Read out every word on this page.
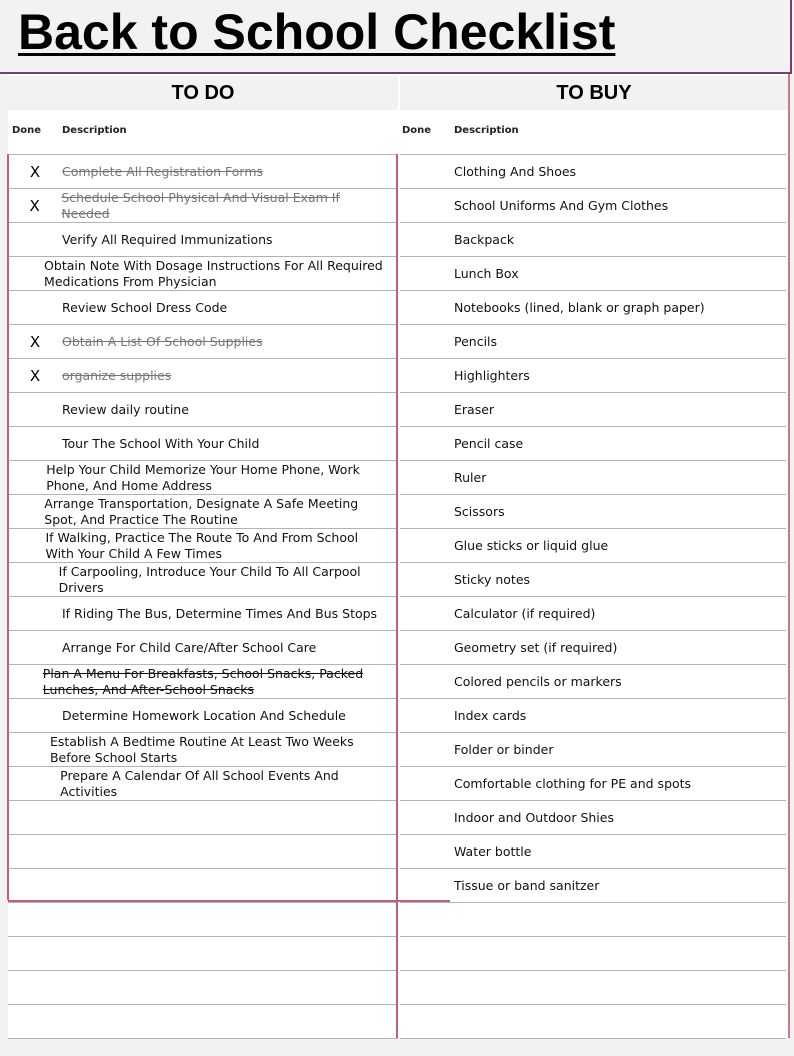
Back to School Checklist
TO DO
Done Description
X	Complete All Registration Forms
X	Schedule School Physical And Visual Exam If Needed
Verify All Required Immunizations
Obtain Note With Dosage Instructions For All Required Medications From Physician
Review School Dress Code
X	Obtain A List Of School Supplies
X	organize supplies
Review daily routine
Tour The School With Your Child
Help Your Child Memorize Your Home Phone, Work Phone, And Home Address
Arrange Transportation, Designate A Safe Meeting Spot, And Practice The Routine
If Walking, Practice The Route To And From School With Your Child A Few Times
If Carpooling, Introduce Your Child To All Carpool Drivers
If Riding The Bus, Determine Times And Bus Stops
Arrange For Child Care/After School Care
Plan A Menu For Breakfasts, School Snacks, Packed Lunches, And After-School Snacks
Determine Homework Location And Schedule
Establish A Bedtime Routine At Least Two Weeks Before School Starts
Prepare A Calendar Of All School Events And Activities
TO BUY
Done Description
Clothing And Shoes
School Uniforms And Gym Clothes
Backpack
Lunch Box
Notebooks (lined, blank or graph paper)
Pencils
Highlighters
Eraser
Pencil case
Ruler
Scissors
Glue sticks or liquid glue
Sticky notes
Calculator (if required)
Geometry set (if required)
Colored pencils or markers
Index cards
Folder or binder
Comfortable clothing for PE and spots
Indoor and Outdoor Shies
Water bottle
Tissue or band sanitzer
